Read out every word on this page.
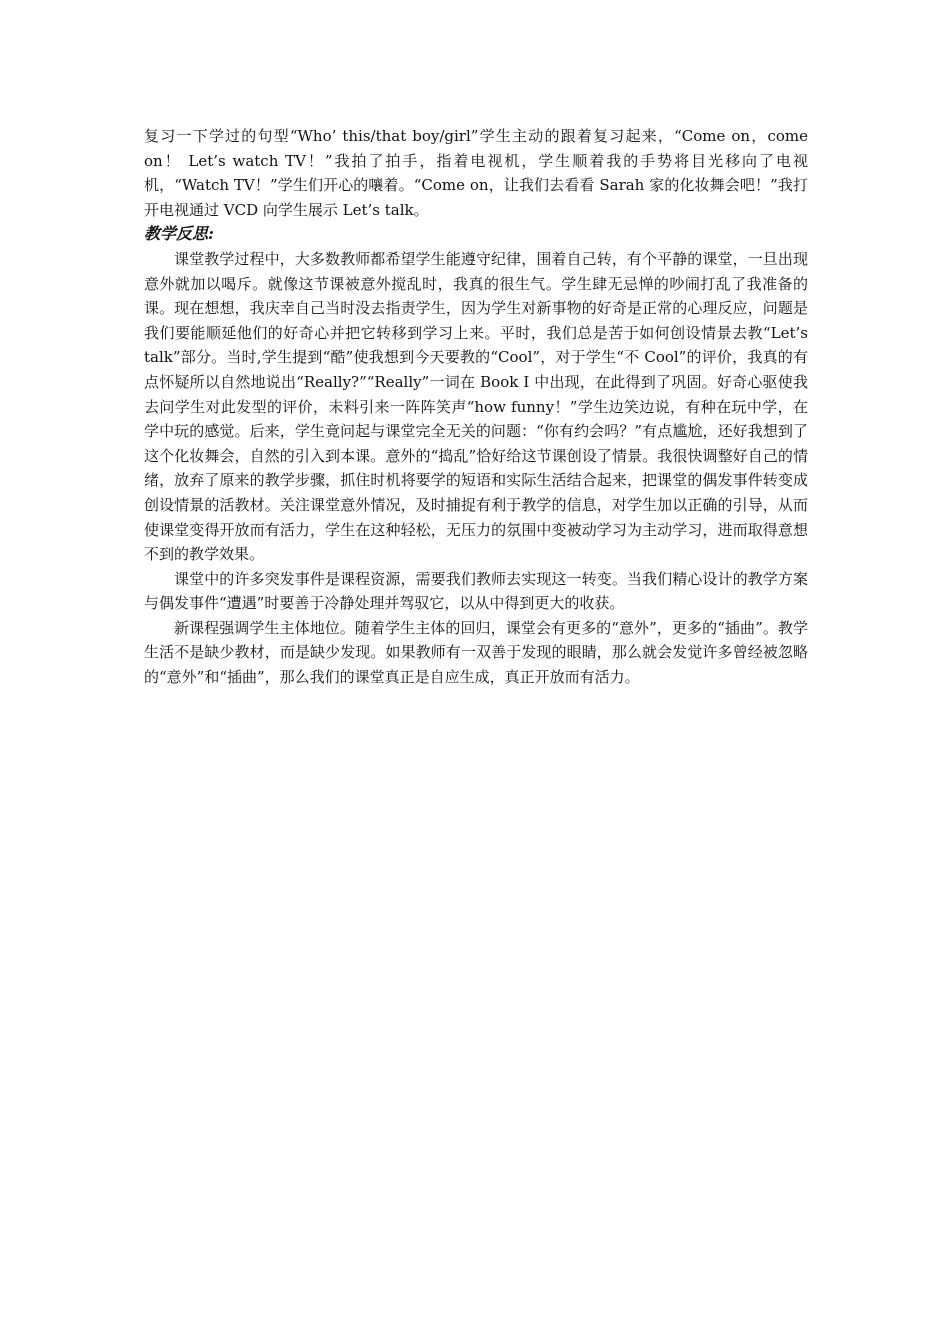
复习一下学过的句型“Who’ this/that boy/girl”学生主动的跟着复习起来，“Come on，come on！ Let’s watch TV！”我拍了拍手，指着电视机，学生顺着我的手势将目光移向了电视机，“Watch TV！”学生们开心的嚷着。“Come on，让我们去看看 Sarah 家的化妆舞会吧！”我打开电视通过 VCD 向学生展示 Let’s talk。

教学反思:

课堂教学过程中，大多数教师都希望学生能遵守纪律，围着自己转，有个平静的课堂，一旦出现意外就加以喝斥。就像这节课被意外搅乱时，我真的很生气。学生肆无忌惮的吵闹打乱了我准备的课。现在想想，我庆幸自己当时没去指责学生，因为学生对新事物的好奇是正常的心理反应，问题是我们要能顺延他们的好奇心并把它转移到学习上来。平时，我们总是苦于如何创设情景去教“Let’s talk”部分。当时,学生提到“酷”使我想到今天要教的“Cool”，对于学生“不 Cool”的评价，我真的有点怀疑所以自然地说出“Really?”“Really”一词在 Book I 中出现，在此得到了巩固。好奇心驱使我去问学生对此发型的评价，未料引来一阵阵笑声“how funny！”学生边笑边说，有种在玩中学，在学中玩的感觉。后来，学生竟问起与课堂完全无关的问题：“你有约会吗？”有点尴尬，还好我想到了这个化妆舞会，自然的引入到本课。意外的“捣乱”恰好给这节课创设了情景。我很快调整好自己的情绪，放弃了原来的教学步骤，抓住时机将要学的短语和实际生活结合起来，把课堂的偶发事件转变成创设情景的活教材。关注课堂意外情况，及时捕捉有利于教学的信息，对学生加以正确的引导，从而使课堂变得开放而有活力，学生在这种轻松，无压力的氛围中变被动学习为主动学习，进而取得意想不到的教学效果。

课堂中的许多突发事件是课程资源，需要我们教师去实现这一转变。当我们精心设计的教学方案与偶发事件“遭遇”时要善于冷静处理并驾驭它，以从中得到更大的收获。

新课程强调学生主体地位。随着学生主体的回归，课堂会有更多的“意外”，更多的“插曲”。教学生活不是缺少教材，而是缺少发现。如果教师有一双善于发现的眼睛，那么就会发觉许多曾经被忽略的“意外”和“插曲”，那么我们的课堂真正是自应生成，真正开放而有活力。
